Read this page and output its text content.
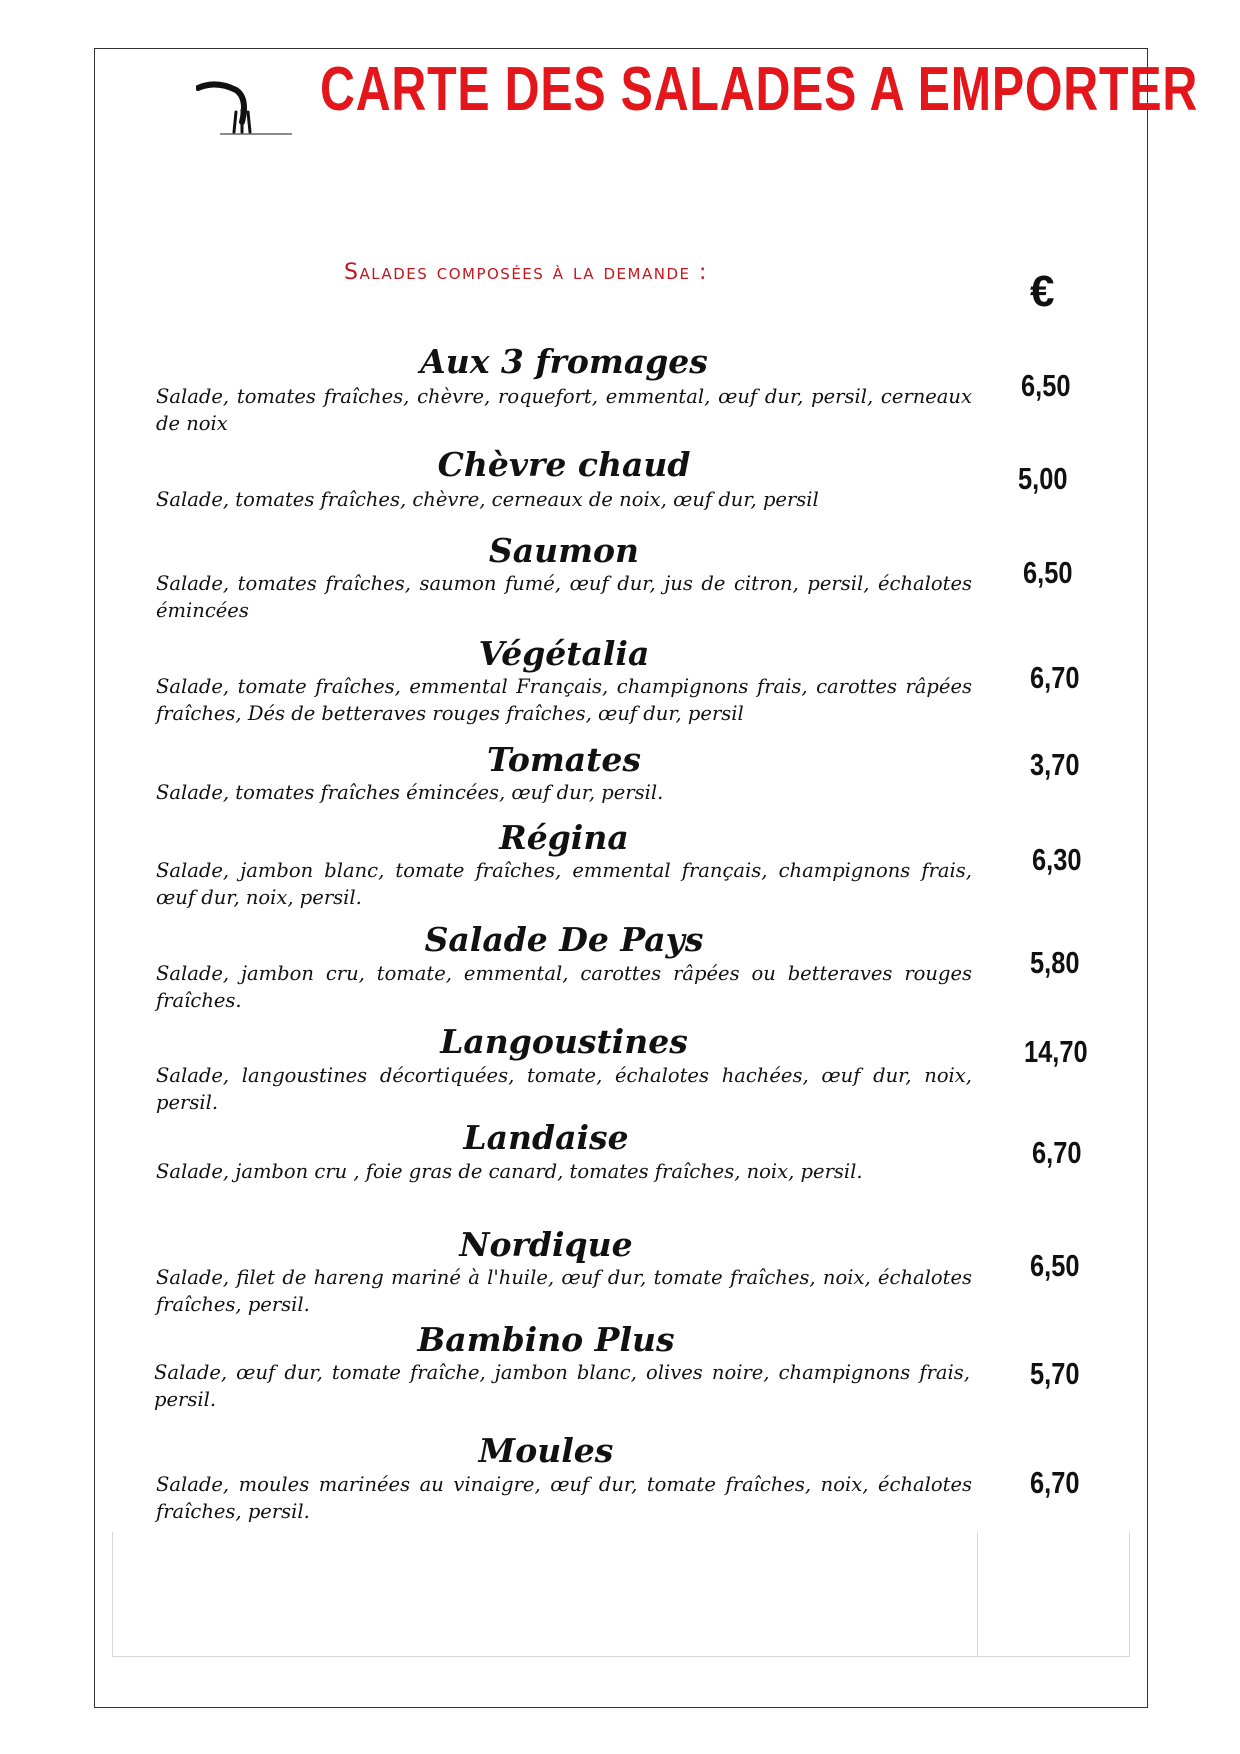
CARTE DES SALADES A EMPORTER
Salades composées à la demande :	€
Aux 3 fromages
Salade, tomates fraîches, chèvre, roquefort, emmental, œuf dur, persil, cerneaux de noix
6,50
Chèvre chaud
Salade, tomates fraîches, chèvre, cerneaux de noix, œuf dur, persil
5,00
Saumon
Salade, tomates fraîches, saumon fumé, œuf dur, jus de citron, persil, échalotes émincées
6,50
Végétalia
Salade, tomate fraîches, emmental Français, champignons frais, carottes râpées fraîches, Dés de betteraves rouges fraîches, œuf dur, persil
6,70
Tomates
Salade, tomates fraîches émincées, œuf dur, persil.
3,70
Régina
Salade, jambon blanc, tomate fraîches, emmental français, champignons frais, œuf dur, noix, persil.
6,30
Salade De Pays
Salade, jambon cru, tomate, emmental, carottes râpées ou betteraves rouges fraîches.
5,80
Langoustines
Salade, langoustines décortiquées, tomate, échalotes hachées, œuf dur, noix, persil.
14,70
Landaise
Salade, jambon cru , foie gras de canard, tomates fraîches, noix, persil.
6,70
Nordique
Salade, filet de hareng mariné à l'huile, œuf dur, tomate fraîches, noix, échalotes fraîches, persil.
6,50
Bambino Plus
Salade, œuf dur, tomate fraîche, jambon blanc, olives noire, champignons frais, persil.
5,70
Moules
Salade, moules marinées au vinaigre, œuf dur, tomate fraîches, noix, échalotes fraîches, persil.
6,70
